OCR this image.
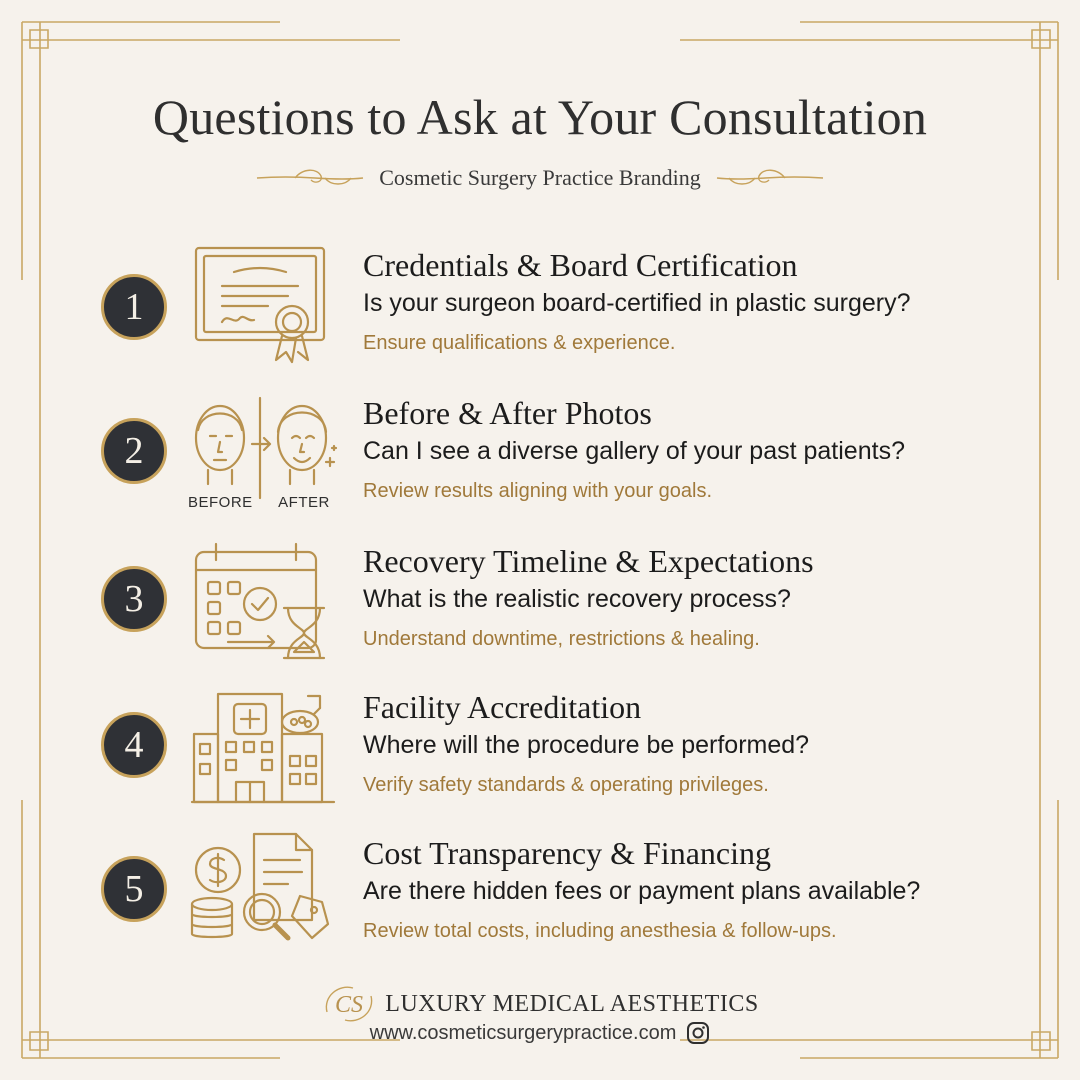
Questions to Ask at Your Consultation
Cosmetic Surgery Practice Branding
1
Credentials & Board Certification
Is your surgeon board-certified in plastic surgery?
Ensure qualifications & experience.
2
BEFORE	AFTER
Before & After Photos
Can I see a diverse gallery of your past patients?
Review results aligning with your goals.
3
Recovery Timeline & Expectations
What is the realistic recovery process?
Understand downtime, restrictions & healing.
4
Facility Accreditation
Where will the procedure be performed?
Verify safety standards & operating privileges.
5
Cost Transparency & Financing
Are there hidden fees or payment plans available?
Review total costs, including anesthesia & follow-ups.
CS LUXURY MEDICAL AESTHETICS
www.cosmeticsurgerypractice.com
